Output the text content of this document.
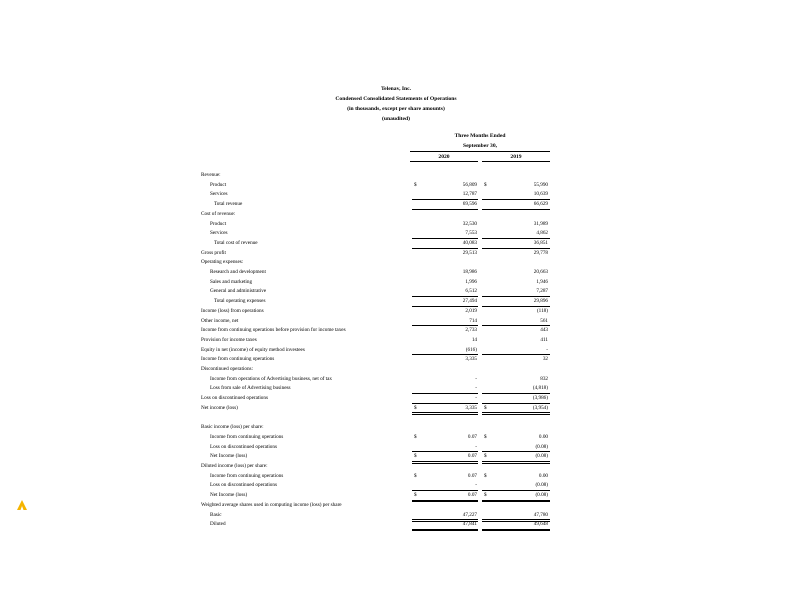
Telenav, Inc.
Condensed Consolidated Statements of Operations
(in thousands, except per share amounts)
(unaudited)
Three Months Ended
September 30,
2020	2019
Revenue:
Product	$	56,809 $	55,990
Services	12,787	10,639
Total revenue	69,596	66,629
Cost of revenue:
Product	32,530	31,989
Services	7,553	4,862
Total cost of revenue	40,083	36,851
Gross profit	29,513	29,778
Operating expenses:
Research and development	18,986	20,663
Sales and marketing	1,996	1,946
General and administrative	6,512	7,287
Total operating expenses	27,494	29,896
Income (loss) from operations	2,019	(118)
Other income, net	714	561
Income from continuing operations before provision for income taxes	2,733	443
Provision for income taxes	14	411
Equity in net (income) of equity method investees	(616)	-
Income from continuing operations	3,335	32
Discontinued operations:
Income from operations of Advertising business, net of tax	-	832
Loss from sale of Advertising business	-	(4,818)
Loss on discontinued operations	-	(3,986)
Net income (loss)	$	3,335 $	(3,954)
Basic income (loss) per share:
Income from continuing operations	$	0.07 $	0.00
Loss on discontinued operations	-	(0.08)
Net Income (loss)	$	0.07 $	(0.08)
Diluted income (loss) per share:
Income from continuing operations	$	0.07 $	0.00
Loss on discontinued operations	-	(0.08)
Net Income (loss)	$	0.07 $	(0.08)
Weighted average shares used in computing income (loss) per share
Basic	47,227	47,780
Diluted	47,841	49,648
